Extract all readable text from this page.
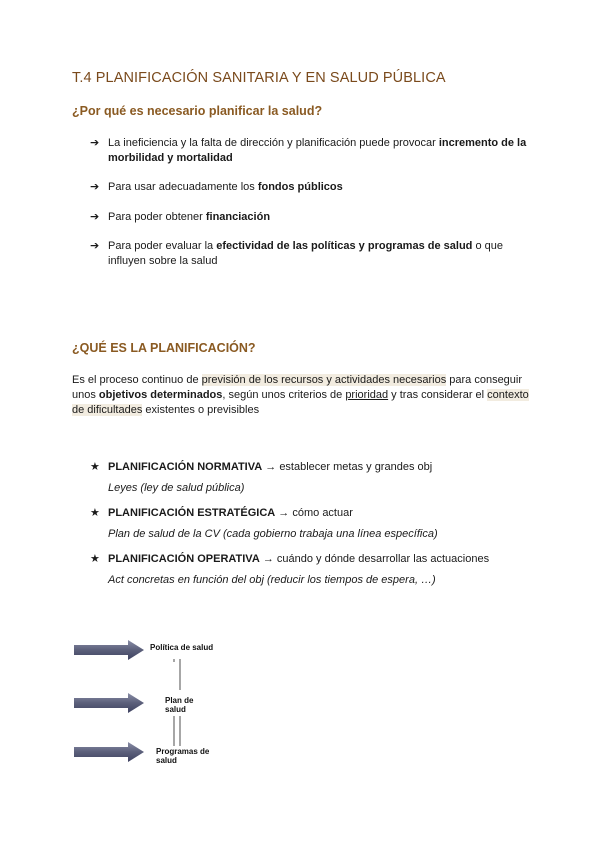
T.4 PLANIFICACIÓN SANITARIA Y EN SALUD PÚBLICA
¿Por qué es necesario planificar la salud?
➔ La ineficiencia y la falta de dirección y planificación puede provocar incremento de la morbilidad y mortalidad
➔ Para usar adecuadamente los fondos públicos
➔ Para poder obtener financiación
➔ Para poder evaluar la efectividad de las políticas y programas de salud o que influyen sobre la salud
¿QUÉ ES LA PLANIFICACIÓN?
Es el proceso continuo de previsión de los recursos y actividades necesarios para conseguir unos objetivos determinados, según unos criterios de prioridad y tras considerar el contexto de dificultades existentes o previsibles
★ PLANIFICACIÓN NORMATIVA → establecer metas y grandes obj
Leyes (ley de salud pública)
★ PLANIFICACIÓN ESTRATÉGICA → cómo actuar
Plan de salud de la CV (cada gobierno trabaja una línea específica)
★ PLANIFICACIÓN OPERATIVA → cuándo y dónde desarrollar las actuaciones
Act concretas en función del obj (reducir los tiempos de espera, …)
Política de salud
Plan de
salud
Programas de
salud
